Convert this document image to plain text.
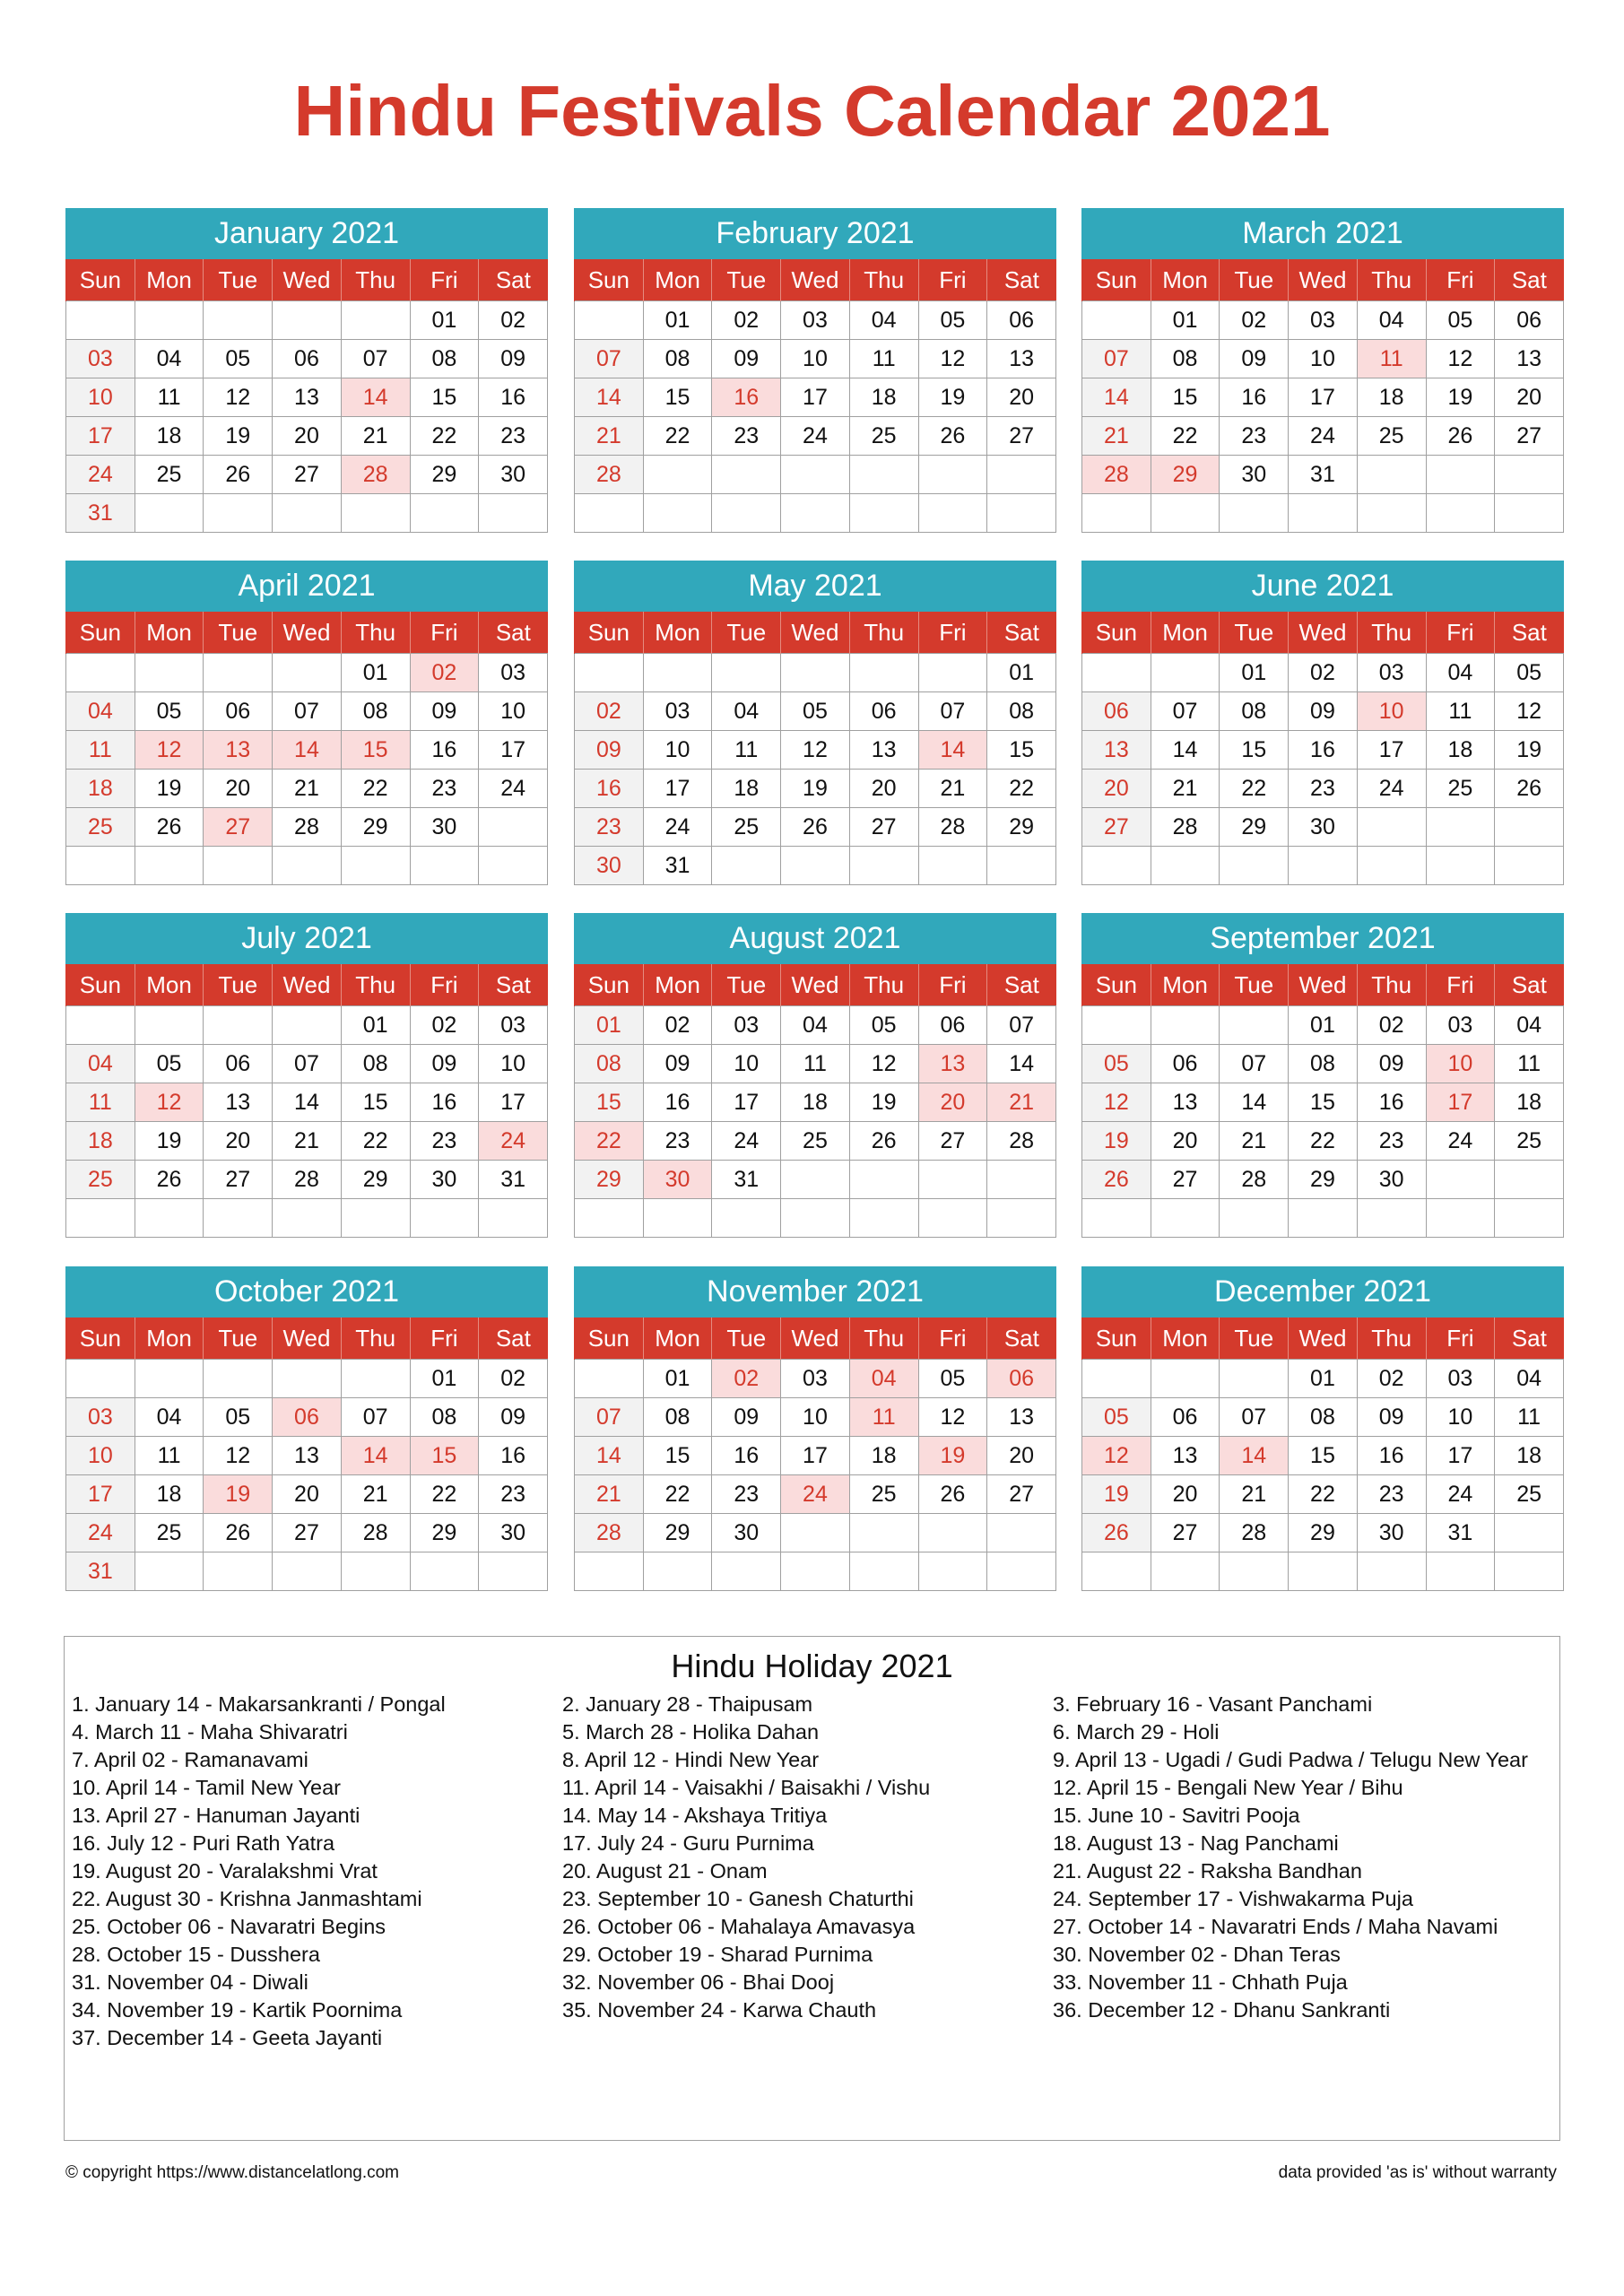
Hindu Festivals Calendar 2021
January 2021
Sun	Mon	Tue	Wed	Thu	Fri	Sat
					01	02
03	04	05	06	07	08	09
10	11	12	13	14	15	16
17	18	19	20	21	22	23
24	25	26	27	28	29	30
31						
February 2021
Sun	Mon	Tue	Wed	Thu	Fri	Sat
	01	02	03	04	05	06
07	08	09	10	11	12	13
14	15	16	17	18	19	20
21	22	23	24	25	26	27
28						

March 2021
Sun	Mon	Tue	Wed	Thu	Fri	Sat
	01	02	03	04	05	06
07	08	09	10	11	12	13
14	15	16	17	18	19	20
21	22	23	24	25	26	27
28	29	30	31			

April 2021
Sun	Mon	Tue	Wed	Thu	Fri	Sat
				01	02	03
04	05	06	07	08	09	10
11	12	13	14	15	16	17
18	19	20	21	22	23	24
25	26	27	28	29	30	

May 2021
Sun	Mon	Tue	Wed	Thu	Fri	Sat
						01
02	03	04	05	06	07	08
09	10	11	12	13	14	15
16	17	18	19	20	21	22
23	24	25	26	27	28	29
30	31					
June 2021
Sun	Mon	Tue	Wed	Thu	Fri	Sat
		01	02	03	04	05
06	07	08	09	10	11	12
13	14	15	16	17	18	19
20	21	22	23	24	25	26
27	28	29	30			

July 2021
Sun	Mon	Tue	Wed	Thu	Fri	Sat
				01	02	03
04	05	06	07	08	09	10
11	12	13	14	15	16	17
18	19	20	21	22	23	24
25	26	27	28	29	30	31

August 2021
Sun	Mon	Tue	Wed	Thu	Fri	Sat
01	02	03	04	05	06	07
08	09	10	11	12	13	14
15	16	17	18	19	20	21
22	23	24	25	26	27	28
29	30	31				

September 2021
Sun	Mon	Tue	Wed	Thu	Fri	Sat
			01	02	03	04
05	06	07	08	09	10	11
12	13	14	15	16	17	18
19	20	21	22	23	24	25
26	27	28	29	30		

October 2021
Sun	Mon	Tue	Wed	Thu	Fri	Sat
					01	02
03	04	05	06	07	08	09
10	11	12	13	14	15	16
17	18	19	20	21	22	23
24	25	26	27	28	29	30
31						
November 2021
Sun	Mon	Tue	Wed	Thu	Fri	Sat
	01	02	03	04	05	06
07	08	09	10	11	12	13
14	15	16	17	18	19	20
21	22	23	24	25	26	27
28	29	30				

December 2021
Sun	Mon	Tue	Wed	Thu	Fri	Sat
			01	02	03	04
05	06	07	08	09	10	11
12	13	14	15	16	17	18
19	20	21	22	23	24	25
26	27	28	29	30	31	

Hindu Holiday 2021
1. January 14 - Makarsankranti / Pongal	2. January 28 - Thaipusam	3. February 16 - Vasant Panchami
4. March 11 - Maha Shivaratri	5. March 28 - Holika Dahan	6. March 29 - Holi
7. April 02 - Ramanavami	8. April 12 - Hindi New Year	9. April 13 - Ugadi / Gudi Padwa / Telugu New Year
10. April 14 - Tamil New Year	11. April 14 - Vaisakhi / Baisakhi / Vishu	12. April 15 - Bengali New Year / Bihu
13. April 27 - Hanuman Jayanti	14. May 14 - Akshaya Tritiya	15. June 10 - Savitri Pooja
16. July 12 - Puri Rath Yatra	17. July 24 - Guru Purnima	18. August 13 - Nag Panchami
19. August 20 - Varalakshmi Vrat	20. August 21 - Onam	21. August 22 - Raksha Bandhan
22. August 30 - Krishna Janmashtami	23. September 10 - Ganesh Chaturthi	24. September 17 - Vishwakarma Puja
25. October 06 - Navaratri Begins	26. October 06 - Mahalaya Amavasya	27. October 14 - Navaratri Ends / Maha Navami
28. October 15 - Dusshera	29. October 19 - Sharad Purnima	30. November 02 - Dhan Teras
31. November 04 - Diwali	32. November 06 - Bhai Dooj	33. November 11 - Chhath Puja
34. November 19 - Kartik Poornima	35. November 24 - Karwa Chauth	36. December 12 - Dhanu Sankranti
37. December 14 - Geeta Jayanti
© copyright https://www.distancelatlong.com	data provided 'as is' without warranty
